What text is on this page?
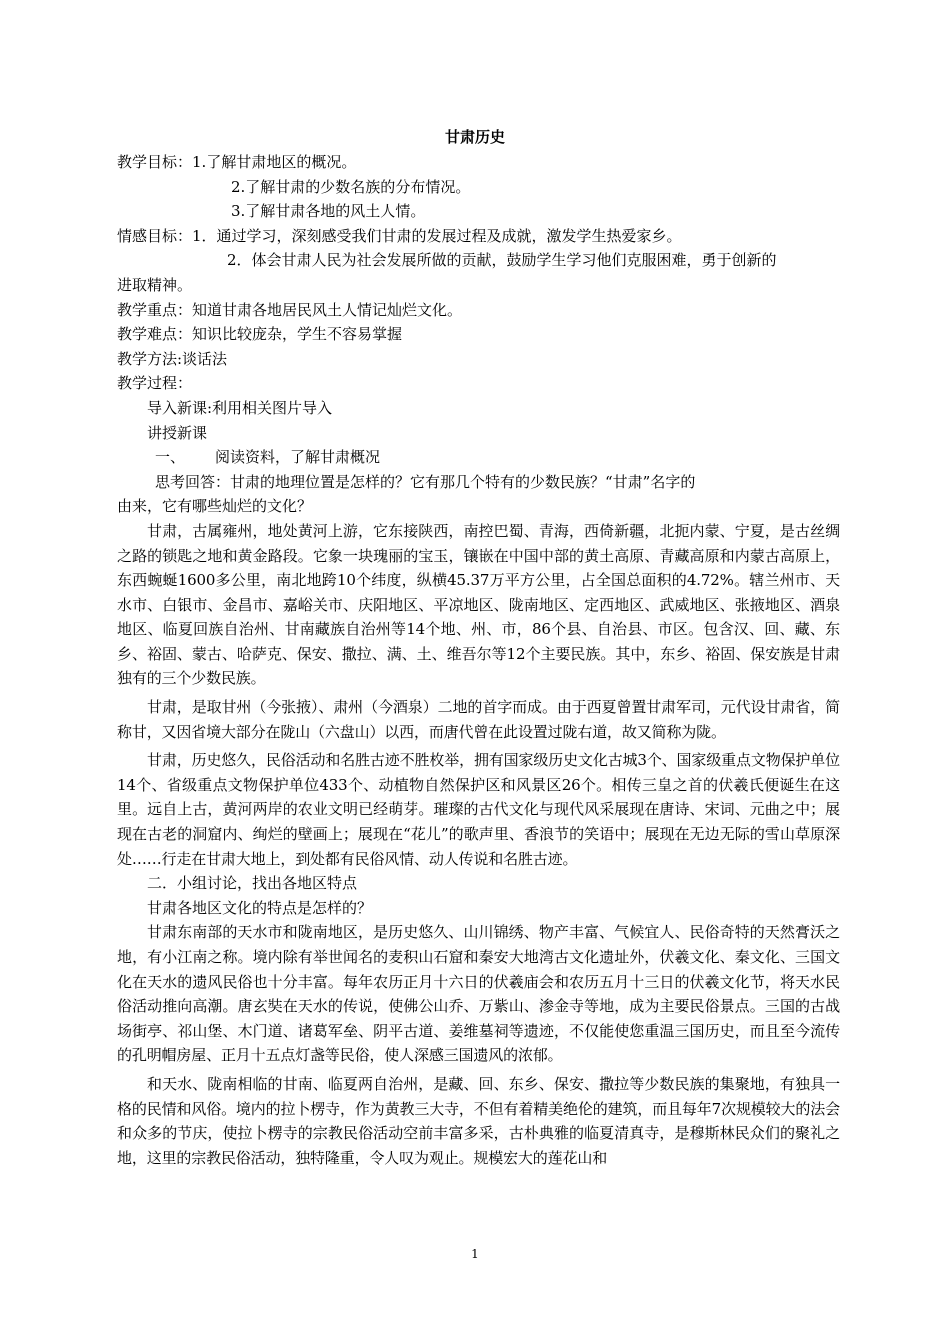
甘肃历史
教学目标：1.了解甘肃地区的概况。
2.了解甘肃的少数名族的分布情况。
3.了解甘肃各地的风土人情。
情感目标：1．通过学习，深刻感受我们甘肃的发展过程及成就，激发学生热爱家乡。
2．体会甘肃人民为社会发展所做的贡献，鼓励学生学习他们克服困难，勇于创新的
进取精神。
教学重点：知道甘肃各地居民风土人情记灿烂文化。
教学难点：知识比较庞杂，学生不容易掌握
教学方法:谈话法
教学过程：
导入新课:利用相关图片导入
讲授新课
一、 阅读资料，了解甘肃概况
思考回答：甘肃的地理位置是怎样的？它有那几个特有的少数民族？“甘肃”名字的
由来，它有哪些灿烂的文化？
甘肃，古属雍州，地处黄河上游，它东接陕西，南控巴蜀、青海，西倚新疆，北扼内蒙、宁夏，是古丝绸之路的锁匙之地和黄金路段。它象一块瑰丽的宝玉，镶嵌在中国中部的黄土高原、青藏高原和内蒙古高原上，东西蜿蜒1600多公里，南北地跨10个纬度，纵横45.37万平方公里，占全国总面积的4.72%。辖兰州市、天水市、白银市、金昌市、嘉峪关市、庆阳地区、平凉地区、陇南地区、定西地区、武威地区、张掖地区、酒泉地区、临夏回族自治州、甘南藏族自治州等14个地、州、市，86个县、自治县、市区。包含汉、回、藏、东乡、裕固、蒙古、哈萨克、保安、撒拉、满、土、维吾尔等12个主要民族。其中，东乡、裕固、保安族是甘肃独有的三个少数民族。
甘肃，是取甘州（今张掖）、肃州（今酒泉）二地的首字而成。由于西夏曾置甘肃军司，元代设甘肃省，简称甘，又因省境大部分在陇山（六盘山）以西，而唐代曾在此设置过陇右道，故又简称为陇。
甘肃，历史悠久，民俗活动和名胜古迹不胜枚举，拥有国家级历史文化古城3个、国家级重点文物保护单位14个、省级重点文物保护单位433个、动植物自然保护区和风景区26个。相传三皇之首的伏羲氏便诞生在这里。远自上古，黄河两岸的农业文明已经萌芽。璀璨的古代文化与现代风采展现在唐诗、宋词、元曲之中；展现在古老的洞窟内、绚烂的壁画上；展现在“花儿”的歌声里、香浪节的笑语中；展现在无边无际的雪山草原深处……行走在甘肃大地上，到处都有民俗风情、动人传说和名胜古迹。
二．小组讨论，找出各地区特点
甘肃各地区文化的特点是怎样的？
甘肃东南部的天水市和陇南地区，是历史悠久、山川锦绣、物产丰富、气候宜人、民俗奇特的天然膏沃之地，有小江南之称。境内除有举世闻名的麦积山石窟和秦安大地湾古文化遗址外，伏羲文化、秦文化、三国文化在天水的遗风民俗也十分丰富。每年农历正月十六日的伏羲庙会和农历五月十三日的伏羲文化节，将天水民俗活动推向高潮。唐玄奘在天水的传说，使佛公山乔、万紫山、渗金寺等地，成为主要民俗景点。三国的古战场街亭、祁山堡、木门道、诸葛军垒、阴平古道、姜维墓祠等遗迹，不仅能使您重温三国历史，而且至今流传的孔明帽房屋、正月十五点灯盏等民俗，使人深感三国遗风的浓郁。
和天水、陇南相临的甘南、临夏两自治州，是藏、回、东乡、保安、撒拉等少数民族的集聚地，有独具一格的民情和风俗。境内的拉卜楞寺，作为黄教三大寺，不但有着精美绝伦的建筑，而且每年7次规模较大的法会和众多的节庆，使拉卜楞寺的宗教民俗活动空前丰富多采，古朴典雅的临夏清真寺，是穆斯林民众们的聚礼之地，这里的宗教民俗活动，独特隆重，令人叹为观止。规模宏大的莲花山和
1
